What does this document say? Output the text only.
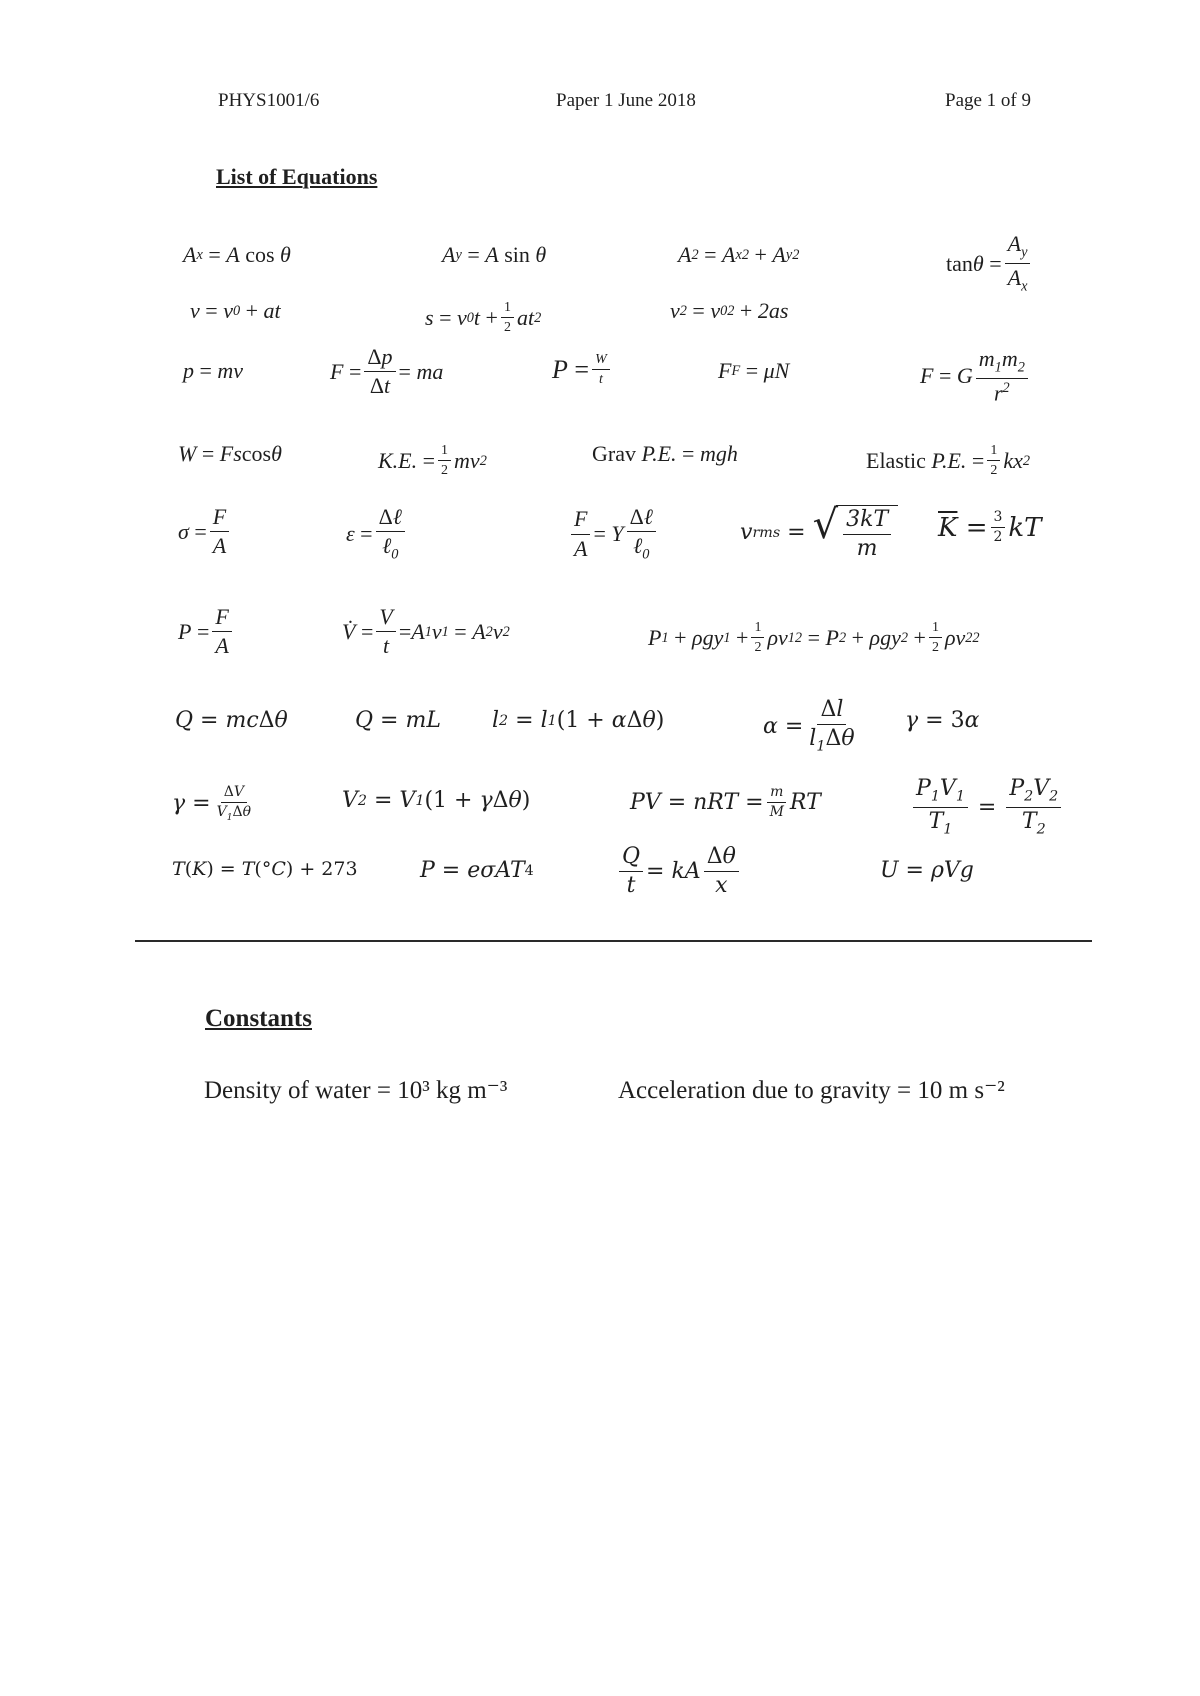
PHYS1001/6	Paper 1 June 2018	Page 1 of 9
List of Equations
A x
= A cos θ	A y
= A sin θ	A 2
= A x 2
+ A y 2	$\tan \theta = \frac{A_y}{A_x}$
v = v 0
+ at	s = v 0 $t + \frac{1}{2}$ at 2	v 2
= v 0 2
+ 2as
p = mv	$F = \frac{\Delta p}{\Delta t}$ = ma	$P = \frac{W}{t}$	F F
= μN	F = G $\frac{m_1m_2}{r^2}$
W = Fs cos θ	K.E. = $\frac{1}{2}$ mv 2	Grav P.E. = mgh	Elastic P.E. = $\frac{1}{2}$ kx 2
$\sigma = \frac{F}{A}$	$\varepsilon = \frac{\text{Δℓ}}{\ell_0}$	$\frac{F}{A} = Y \frac{\text{Δℓ}}{\ell_0}$	v rms
=
√ $\frac{3kT}{m} \overline{K}$
= $\frac{3}{2}$ kT
$P = \frac{F}{A}$	V̇ = $\frac{V}{t} = A$ 1 v 1
= A 2 v 2	P 1
+ ρgy 1
+ $\frac{1}{2}$ ρv 1 2
= P 2
+ ρgy 2
+ $\frac{1}{2}$ ρv 2 2
Q = mc Δ θ	Q = mL l 2
= l 1 (1 + α Δ θ )	$\alpha = \frac{\Delta l}{l_1\Delta\theta}$ γ =
3 α
$\gamma = \frac{\Delta V}{V_1\Delta\theta}$	V 2
= V 1 (1 + γ Δ θ )	PV = nRT = $\frac{m}{M}$ RT	$\frac{P_1V_1}{T_1}$
=
$\frac{P_2V_2}{T_2}$
T ( K )
= T (° C ) + 273	P = eσAT 4	$\frac{Q}{t}$ = kA $\frac{\Delta\theta}{x}$	U = ρVg
Constants
Density of water = 10³ kg m⁻³	Acceleration due to gravity = 10 m s⁻²
